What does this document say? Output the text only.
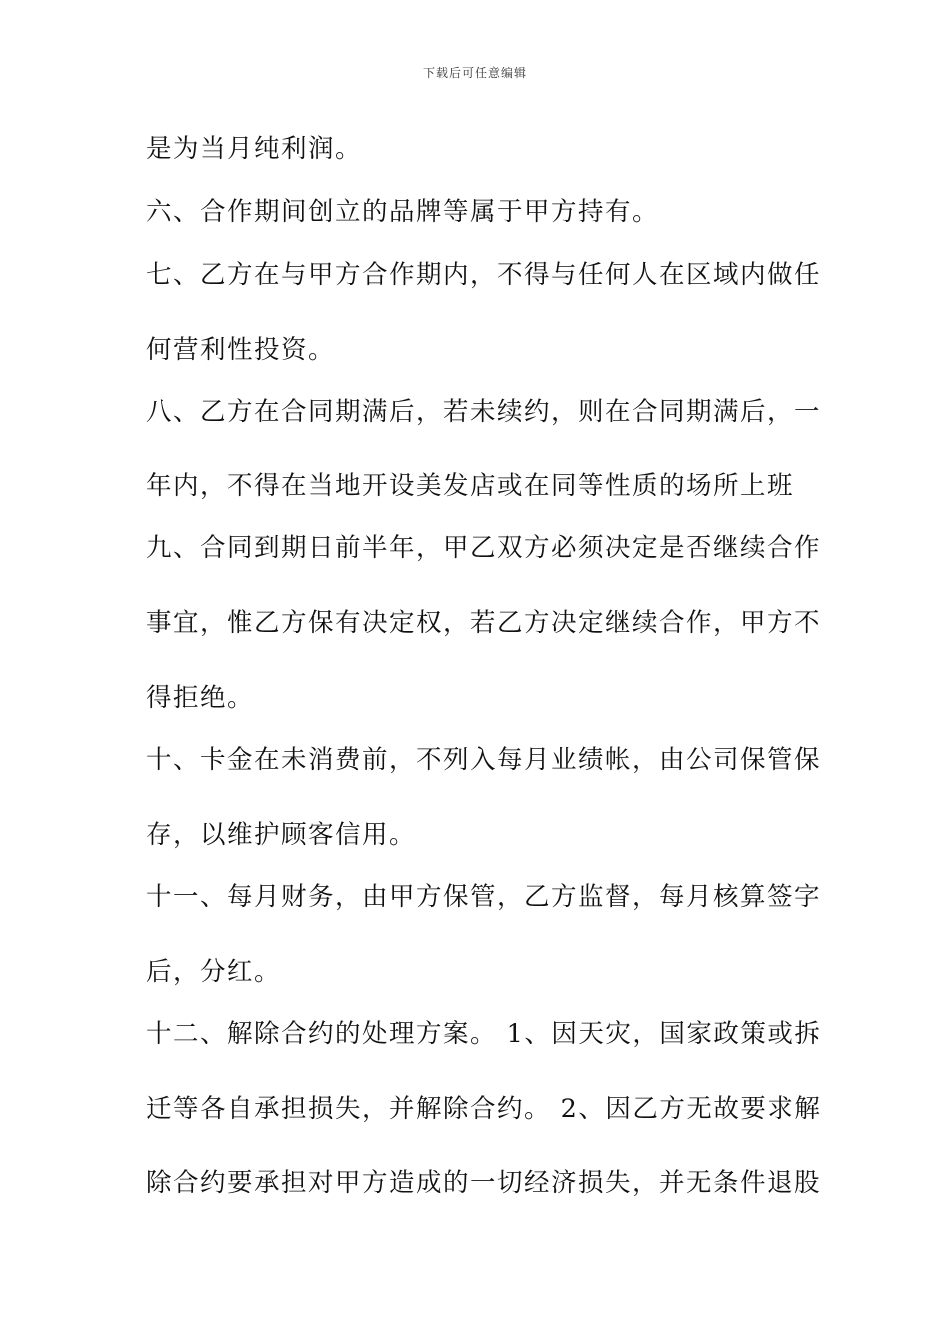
下载后可任意编辑
是为当月纯利润。
六、合作期间创立的品牌等属于甲方持有。
七、乙方在与甲方合作期内，不得与任何人在区域内做任
何营利性投资。
八、乙方在合同期满后，若未续约，则在合同期满后，一
年内，不得在当地开设美发店或在同等性质的场所上班
九、合同到期日前半年，甲乙双方必须决定是否继续合作
事宜，惟乙方保有决定权，若乙方决定继续合作，甲方不
得拒绝。
十、卡金在未消费前，不列入每月业绩帐，由公司保管保
存，以维护顾客信用。
十一、每月财务，由甲方保管，乙方监督，每月核算签字
后，分红。
十二、解除合约的处理方案。 1、因天灾，国家政策或拆
迁等各自承担损失，并解除合约。 2、因乙方无故要求解
除合约要承担对甲方造成的一切经济损失，并无条件退股
